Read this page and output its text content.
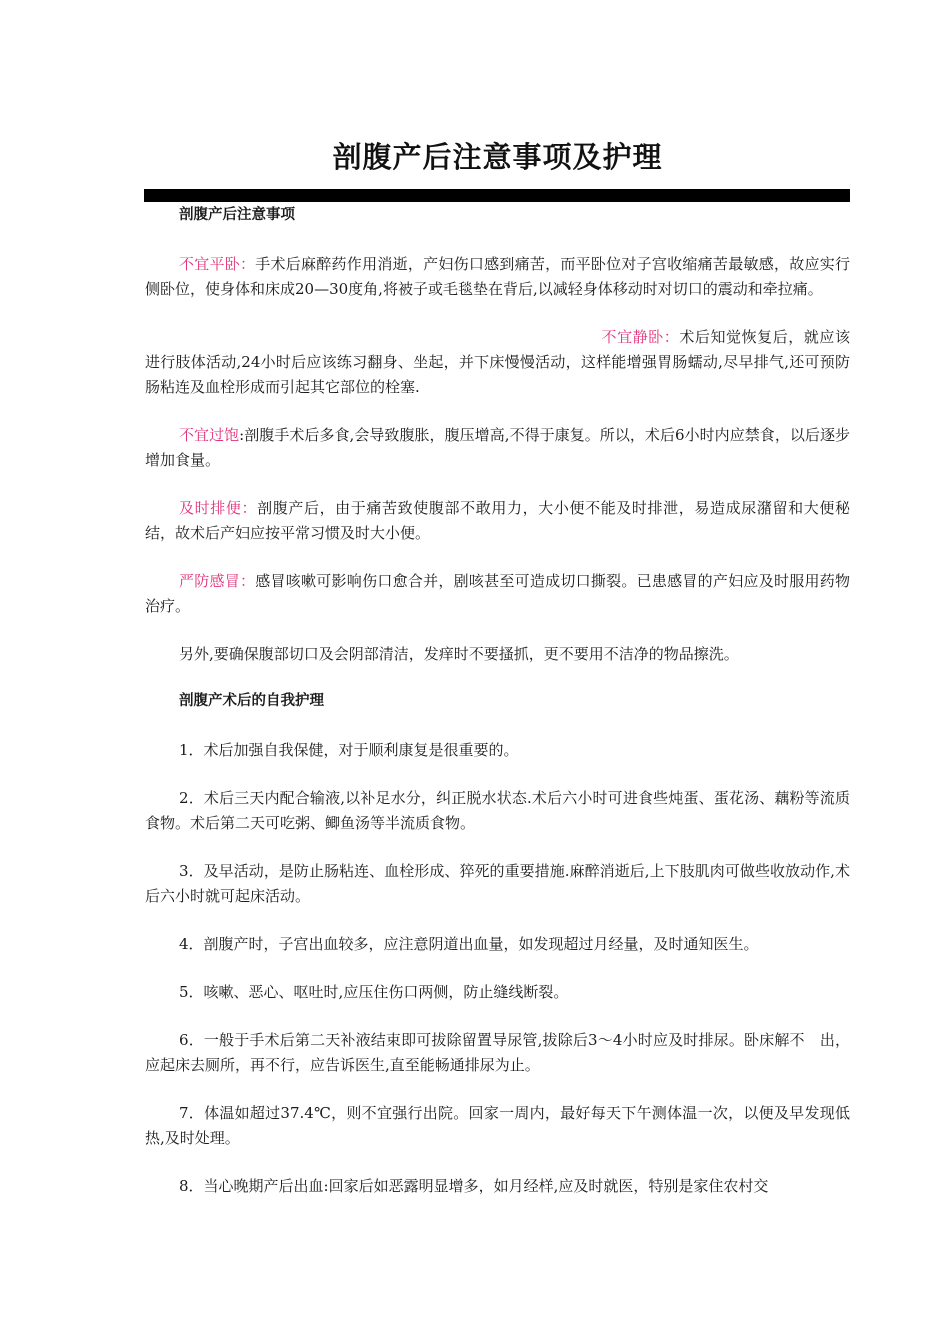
剖腹产后注意事项及护理

剖腹产后注意事项

不宜平卧：手术后麻醉药作用消逝，产妇伤口感到痛苦，而平卧位对子宫收缩痛苦最敏感，故应实行侧卧位，使身体和床成20—30度角,将被子或毛毯垫在背后,以减轻身体移动时对切口的震动和牵拉痛。

不宜静卧：术后知觉恢复后，就应该进行肢体活动,24小时后应该练习翻身、坐起，并下床慢慢活动，这样能增强胃肠蠕动,尽早排气,还可预防肠粘连及血栓形成而引起其它部位的栓塞.

不宜过饱:剖腹手术后多食,会导致腹胀，腹压增高,不得于康复。所以，术后6小时内应禁食，以后逐步增加食量。

及时排便：剖腹产后，由于痛苦致使腹部不敢用力，大小便不能及时排泄，易造成尿潴留和大便秘结，故术后产妇应按平常习惯及时大小便。

严防感冒：感冒咳嗽可影响伤口愈合并，剧咳甚至可造成切口撕裂。已患感冒的产妇应及时服用药物治疗。

另外,要确保腹部切口及会阴部清洁，发痒时不要搔抓，更不要用不洁净的物品擦洗。

剖腹产术后的自我护理

1．术后加强自我保健，对于顺利康复是很重要的。

2．术后三天内配合输液,以补足水分，纠正脱水状态.术后六小时可进食些炖蛋、蛋花汤、藕粉等流质食物。术后第二天可吃粥、鲫鱼汤等半流质食物。

3．及早活动，是防止肠粘连、血栓形成、猝死的重要措施.麻醉消逝后,上下肢肌肉可做些收放动作,术后六小时就可起床活动。

4．剖腹产时，子宫出血较多，应注意阴道出血量，如发现超过月经量，及时通知医生。

5．咳嗽、恶心、呕吐时,应压住伤口两侧，防止缝线断裂。

6．一般于手术后第二天补液结束即可拔除留置导尿管,拔除后3～4小时应及时排尿。卧床解不　出，应起床去厕所，再不行，应告诉医生,直至能畅通排尿为止。

7．体温如超过37.4℃，则不宜强行出院。回家一周内，最好每天下午测体温一次，以便及早发现低热,及时处理。

8．当心晚期产后出血:回家后如恶露明显增多，如月经样,应及时就医，特别是家住农村交
